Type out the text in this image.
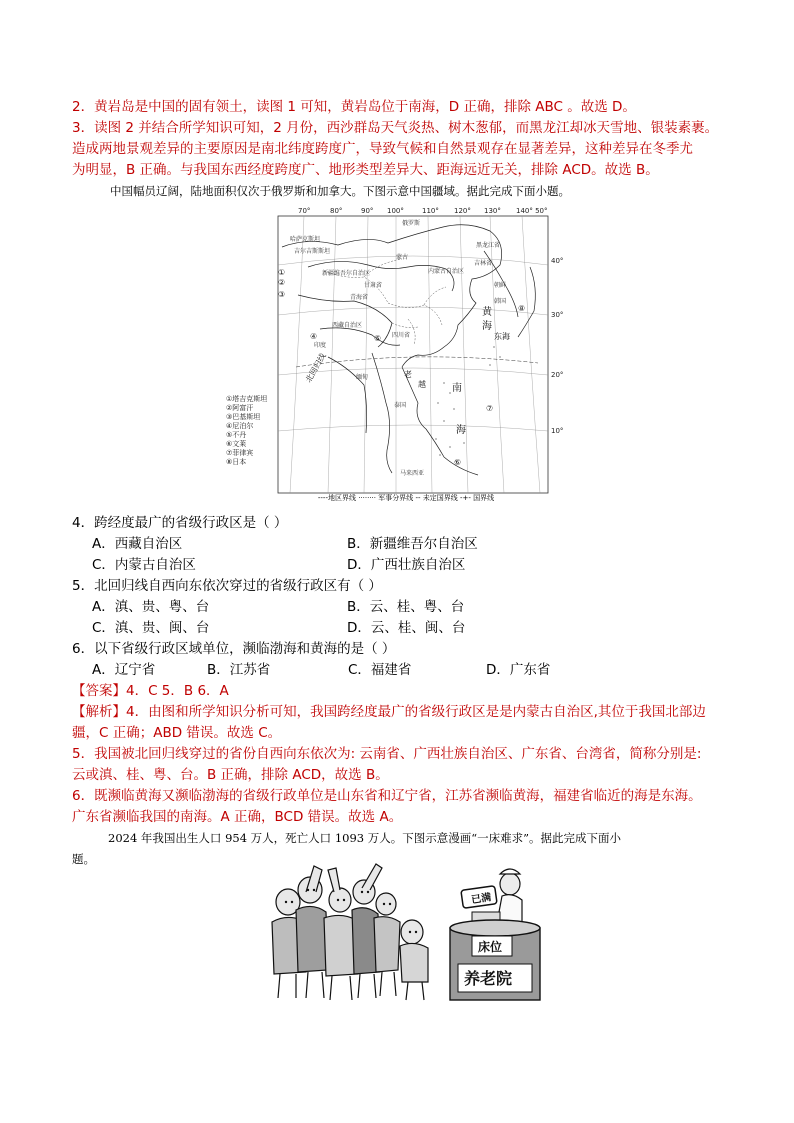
2．黄岩岛是中国的固有领土，读图 1 可知，黄岩岛位于南海，D 正确，排除 ABC 。故选 D。
3．读图 2 并结合所学知识可知，2 月份，西沙群岛天气炎热、树木葱郁，而黑龙江却冰天雪地、银装素裹。
造成两地景观差异的主要原因是南北纬度跨度广，导致气候和自然景观存在显著差异，这种差异在冬季尤
为明显，B 正确。与我国东西经度跨度广、地形类型差异大、距海远近无关，排除 ACD。故选 B。
中国幅员辽阔，陆地面积仅次于俄罗斯和加拿大。下图示意中国疆域。据此完成下面小题。
70°	80°	90° 100°	110° 120° 130° 140° 50°
40°
30°
20°
10°
北回归线
①
②
③
④	⑤
⑥
⑦
⑧
黄
海
东海
南
海
越
老
俄罗斯
哈萨克斯坦
吉尔吉斯斯坦
新疆维吾尔自治区
蒙古
甘肃省
青海省
西藏自治区
四川省
印度
缅甸
泰国
马来西亚
朝鲜
韩国
黑龙江省
吉林省
内蒙古自治区
①塔吉克斯坦
②阿富汗
③巴基斯坦
④尼泊尔
⑤不丹
⑥文莱
⑦菲律宾
⑧日本
----地区界线 ········ 军事分界线 -- 未定国界线 -+- 国界线
4．跨经度最广的省级行政区是（ ）
A．西藏自治区	B．新疆维吾尔自治区
C．内蒙古自治区	D．广西壮族自治区
5．北回归线自西向东依次穿过的省级行政区有（ ）
A．滇、贵、粤、台	B．云、桂、粤、台
C．滇、贵、闽、台	D．云、桂、闽、台
6．以下省级行政区域单位，濒临渤海和黄海的是（ ）
A．辽宁省	B．江苏省	C．福建省	D．广东省
【答案】4．C 5．B 6．A
【解析】4．由图和所学知识分析可知，我国跨经度最广的省级行政区是是内蒙古自治区,其位于我国北部边
疆，C 正确；ABD 错误。故选 C。
5．我国被北回归线穿过的省份自西向东依次为: 云南省、广西壮族自治区、广东省、台湾省，简称分别是:
云或滇、桂、粤、台。B 正确，排除 ACD，故选 B。
6．既濒临黄海又濒临渤海的省级行政单位是山东省和辽宁省，江苏省濒临黄海，福建省临近的海是东海。
广东省濒临我国的南海。A 正确，BCD 错误。故选 A。
2024 年我国出生人口 954 万人，死亡人口 1093 万人。下图示意漫画“一床难求”。据此完成下面小
题。
已满
床位
养老院
